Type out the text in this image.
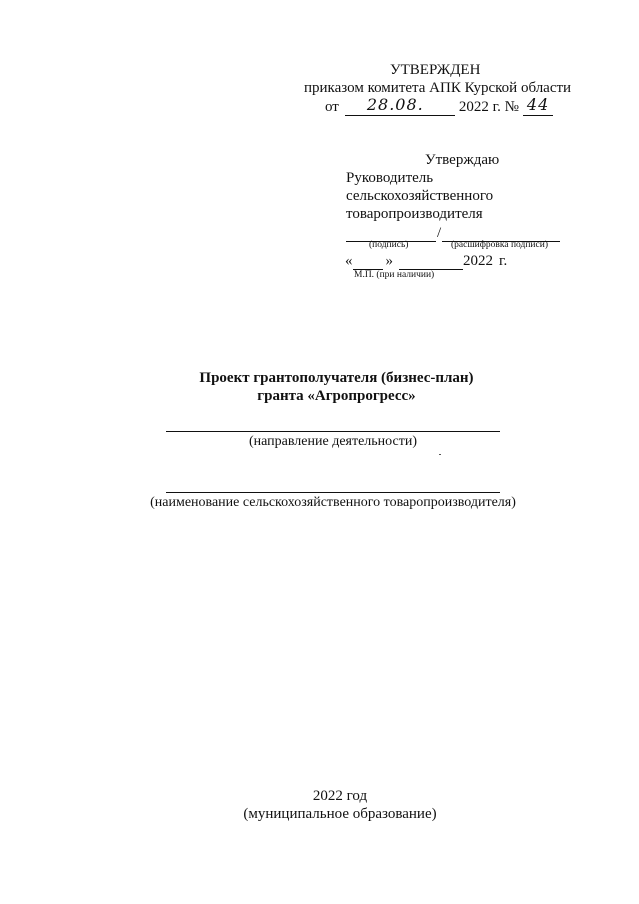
УТВЕРЖДЕН
приказом комитета АПК Курской области
от 28.08. 2022 г. № 44
Утверждаю
Руководитель
сельскохозяйственного
товаропроизводителя
/
(подпись)	(расшифровка подписи)
« »	2022 г.
М.П. (при наличии)
Проект грантополучателя (бизнес-план)
гранта «Агропрогресс»
(направление деятельности)
(наименование сельскохозяйственного товаропроизводителя)
2022 год
(муниципальное образование)
